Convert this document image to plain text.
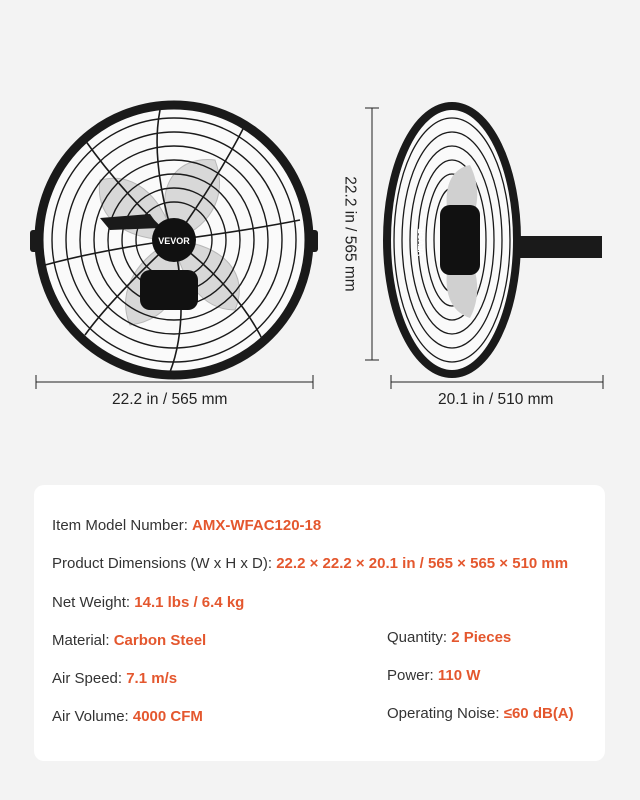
VEVOR	VEVOR
22.2 in / 565 mm
22.2 in / 565 mm
20.1 in / 510 mm
Item Model Number: AMX-WFAC120-18
Product Dimensions (W x H x D): 22.2 × 22.2 × 20.1 in / 565 × 565 × 510 mm
Net Weight: 14.1 lbs / 6.4 kg
Material: Carbon Steel
Air Speed: 7.1 m/s
Air Volume: 4000 CFM
Quantity: 2 Pieces
Power: 110 W
Operating Noise: ≤60 dB(A)
